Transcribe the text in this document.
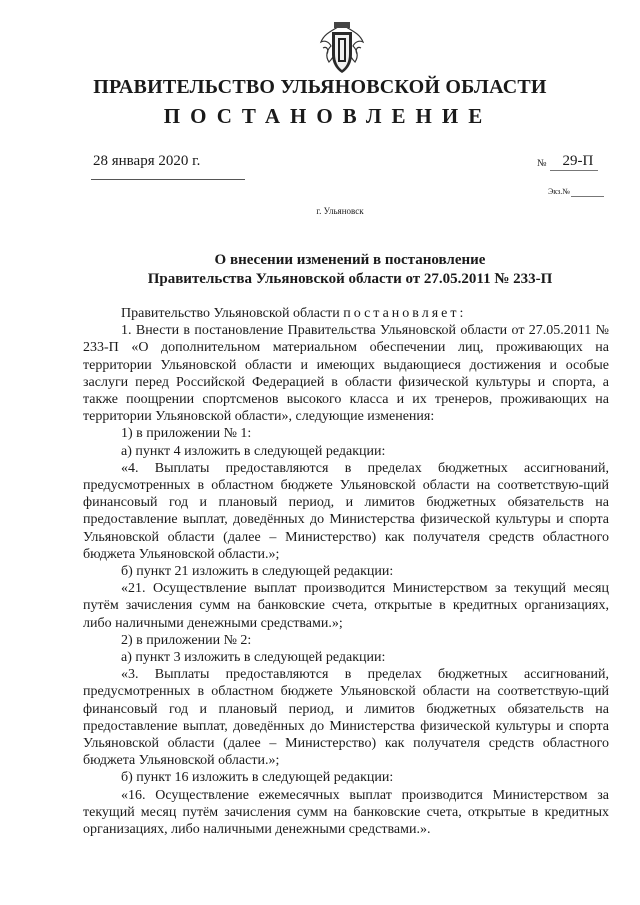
ПРАВИТЕЛЬСТВО УЛЬЯНОВСКОЙ ОБЛАСТИ
ПОСТАНОВЛЕНИЕ
28 января 2020 г.	№ 29-П
Экз.№
г. Ульяновск
О внесении изменений в постановление
Правительства Ульяновской области от 27.05.2011 № 233-П

Правительство Ульяновской области постановляет:

1. Внести в постановление Правительства Ульяновской области от 27.05.2011 № 233-П «О дополнительном материальном обеспечении лиц, проживающих на территории Ульяновской области и имеющих выдающиеся достижения и особые заслуги перед Российской Федерацией в области физической культуры и спорта, а также поощрении спортсменов высокого класса и их тренеров, проживающих на территории Ульяновской области», следующие изменения:

1) в приложении № 1:

а) пункт 4 изложить в следующей редакции:

«4. Выплаты предоставляются в пределах бюджетных ассигнований, предусмотренных в областном бюджете Ульяновской области на соответствую-щий финансовый год и плановый период, и лимитов бюджетных обязательств на предоставление выплат, доведённых до Министерства физической культуры и спорта Ульяновской области (далее – Министерство) как получателя средств областного бюджета Ульяновской области.»;

б) пункт 21 изложить в следующей редакции:

«21. Осуществление выплат производится Министерством за текущий месяц путём зачисления сумм на банковские счета, открытые в кредитных организациях, либо наличными денежными средствами.»;

2) в приложении № 2:

а) пункт 3 изложить в следующей редакции:

«3. Выплаты предоставляются в пределах бюджетных ассигнований, предусмотренных в областном бюджете Ульяновской области на соответствую-щий финансовый год и плановый период, и лимитов бюджетных обязательств на предоставление выплат, доведённых до Министерства физической культуры и спорта Ульяновской области (далее – Министерство) как получателя средств областного бюджета Ульяновской области.»;

б) пункт 16 изложить в следующей редакции:

«16. Осуществление ежемесячных выплат производится Министерством за текущий месяц путём зачисления сумм на банковские счета, открытые в кредитных организациях, либо наличными денежными средствами.».
